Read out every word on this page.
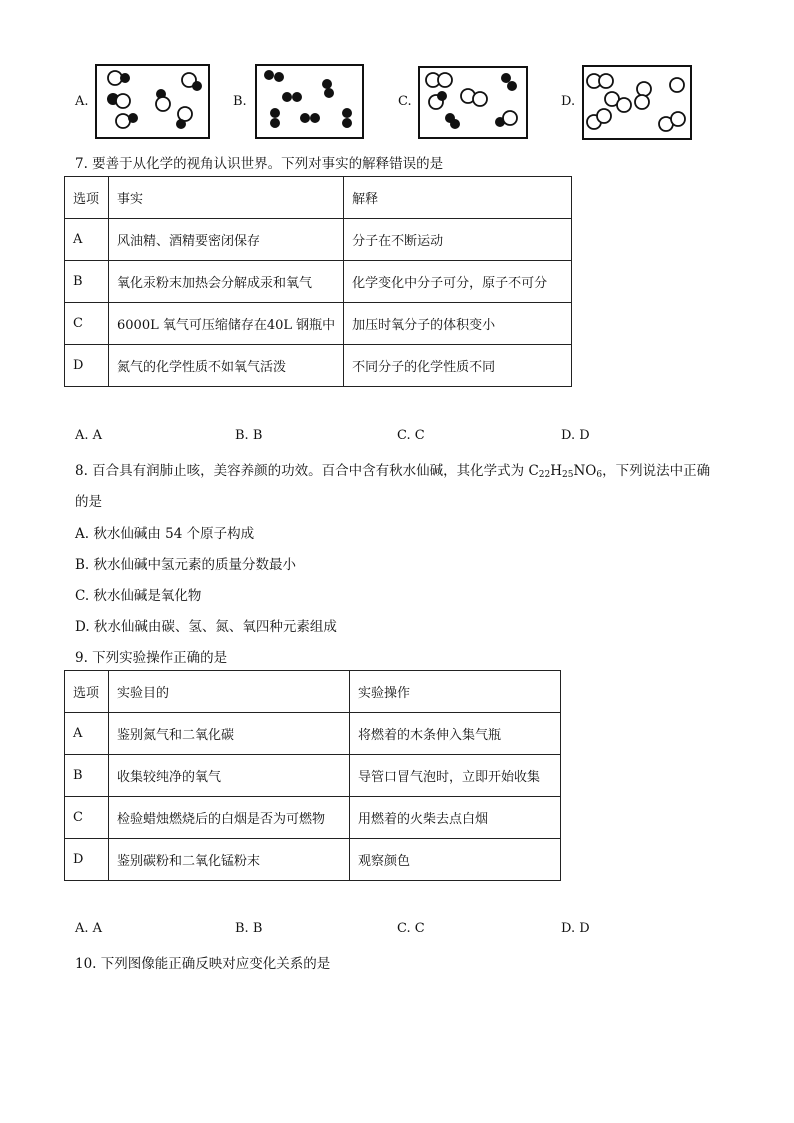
A.	B.	C.	D.
7. 要善于从化学的视角认识世界。下列对事实的解释错误的是
选项	事实	解释
A	风油精、酒精要密闭保存	分子在不断运动
B	氧化汞粉末加热会分解成汞和氧气	化学变化中分子可分，原子不可分
C	6000L 氧气可压缩储存在40L 钢瓶中	加压时氧分子的体积变小
D	氮气的化学性质不如氧气活泼	不同分子的化学性质不同
A. A	B. B	C. C	D. D
8. 百合具有润肺止咳，美容养颜的功效。百合中含有秋水仙碱，其化学式为 $C_{22}H_{25}NO_6$，下列说法中正确
的是
A. 秋水仙碱由 54 个原子构成
B. 秋水仙碱中氢元素的质量分数最小
C. 秋水仙碱是氧化物
D. 秋水仙碱由碳、氢、氮、氧四种元素组成
9. 下列实验操作正确的是
选项	实验目的	实验操作
A	鉴别氮气和二氧化碳	将燃着的木条伸入集气瓶
B	收集较纯净的氧气	导管口冒气泡时，立即开始收集
C	检验蜡烛燃烧后的白烟是否为可燃物	用燃着的火柴去点白烟
D	鉴别碳粉和二氧化锰粉末	观察颜色
A. A	B. B	C. C	D. D
10. 下列图像能正确反映对应变化关系的是
